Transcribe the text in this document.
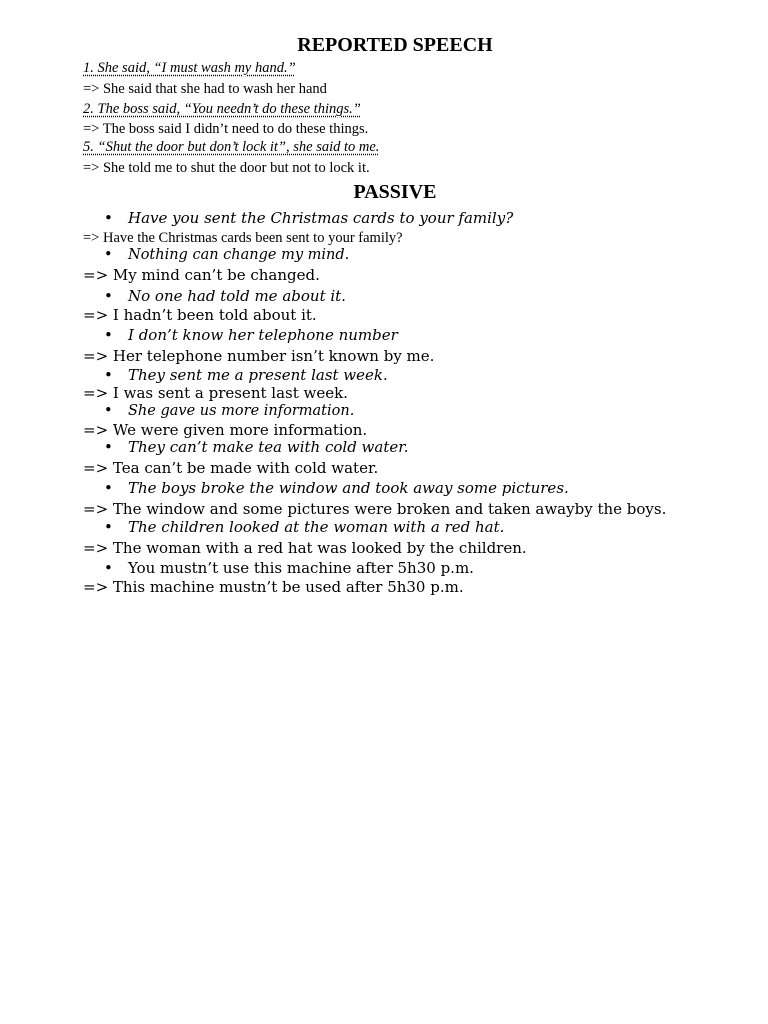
REPORTED SPEECH
1. She said, “I must wash my hand.”
=> She said that she had to wash her hand
2. The boss said, “You needn’t do these things.”
=> The boss said I didn’t need to do these things.
5. “Shut the door but don’t lock it”, she said to me.
=> She told me to shut the door but not to lock it.
PASSIVE
• Have you sent the Christmas cards to your family?
=> Have the Christmas cards been sent to your family?
• Nothing can change my mind.
=> My mind can’t be changed.
• No one had told me about it.
=> I hadn’t been told about it.
• I don’t know her telephone number
=> Her telephone number isn’t known by me.
• They sent me a present last week.
=> I was sent a present last week.
• She gave us more information.
=> We were given more information.
• They can’t make tea with cold water.
=> Tea can’t be made with cold water.
• The boys broke the window and took away some pictures.
=> The window and some pictures were broken and taken awayby the boys.
• The children looked at the woman with a red hat.
=> The woman with a red hat was looked by the children.
• You mustn’t use this machine after 5h30 p.m.
=> This machine mustn’t be used after 5h30 p.m.
